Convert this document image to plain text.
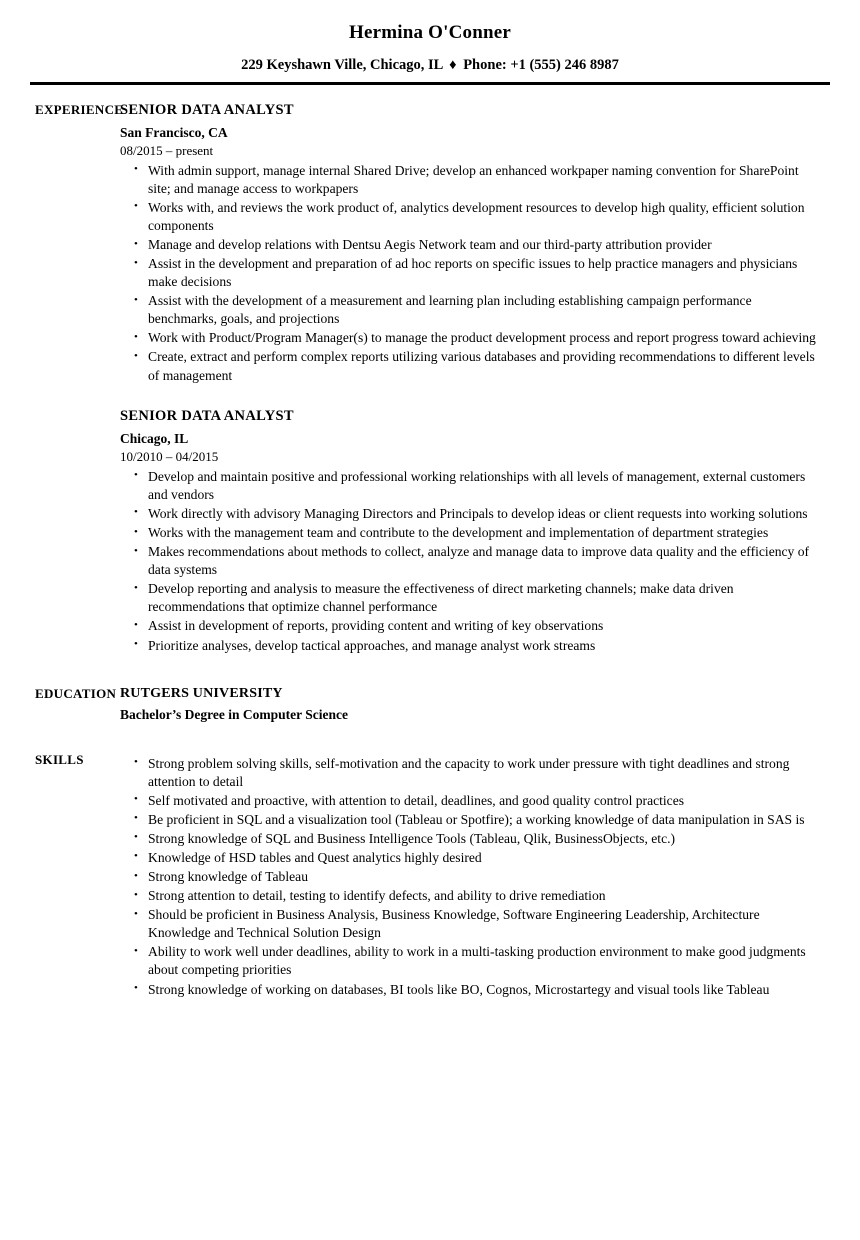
Hermina O'Conner
229 Keyshawn Ville, Chicago, IL ♦ Phone: +1 (555) 246 8987
EXPERIENCE
SENIOR DATA ANALYST
San Francisco, CA
08/2015 – present
• With admin support, manage internal Shared Drive; develop an enhanced workpaper naming convention for SharePoint site; and manage access to workpapers
• Works with, and reviews the work product of, analytics development resources to develop high quality, efficient solution components
• Manage and develop relations with Dentsu Aegis Network team and our third-party attribution provider
• Assist in the development and preparation of ad hoc reports on specific issues to help practice managers and physicians make decisions
• Assist with the development of a measurement and learning plan including establishing campaign performance benchmarks, goals, and projections
• Work with Product/Program Manager(s) to manage the product development process and report progress toward achieving
• Create, extract and perform complex reports utilizing various databases and providing recommendations to different levels of management
SENIOR DATA ANALYST
Chicago, IL
10/2010 – 04/2015
• Develop and maintain positive and professional working relationships with all levels of management, external customers and vendors
• Work directly with advisory Managing Directors and Principals to develop ideas or client requests into working solutions
• Works with the management team and contribute to the development and implementation of department strategies
• Makes recommendations about methods to collect, analyze and manage data to improve data quality and the efficiency of data systems
• Develop reporting and analysis to measure the effectiveness of direct marketing channels; make data driven recommendations that optimize channel performance
• Assist in development of reports, providing content and writing of key observations
• Prioritize analyses, develop tactical approaches, and manage analyst work streams
EDUCATION RUTGERS UNIVERSITY
Bachelor’s Degree in Computer Science
SKILLS	• Strong problem solving skills, self-motivation and the capacity to work under pressure with tight deadlines and strong attention to detail
• Self motivated and proactive, with attention to detail, deadlines, and good quality control practices
• Be proficient in SQL and a visualization tool (Tableau or Spotfire); a working knowledge of data manipulation in SAS is
• Strong knowledge of SQL and Business Intelligence Tools (Tableau, Qlik, BusinessObjects, etc.)
• Knowledge of HSD tables and Quest analytics highly desired
• Strong knowledge of Tableau
• Strong attention to detail, testing to identify defects, and ability to drive remediation
• Should be proficient in Business Analysis, Business Knowledge, Software Engineering Leadership, Architecture Knowledge and Technical Solution Design
• Ability to work well under deadlines, ability to work in a multi-tasking production environment to make good judgments about competing priorities
• Strong knowledge of working on databases, BI tools like BO, Cognos, Microstartegy and visual tools like Tableau
